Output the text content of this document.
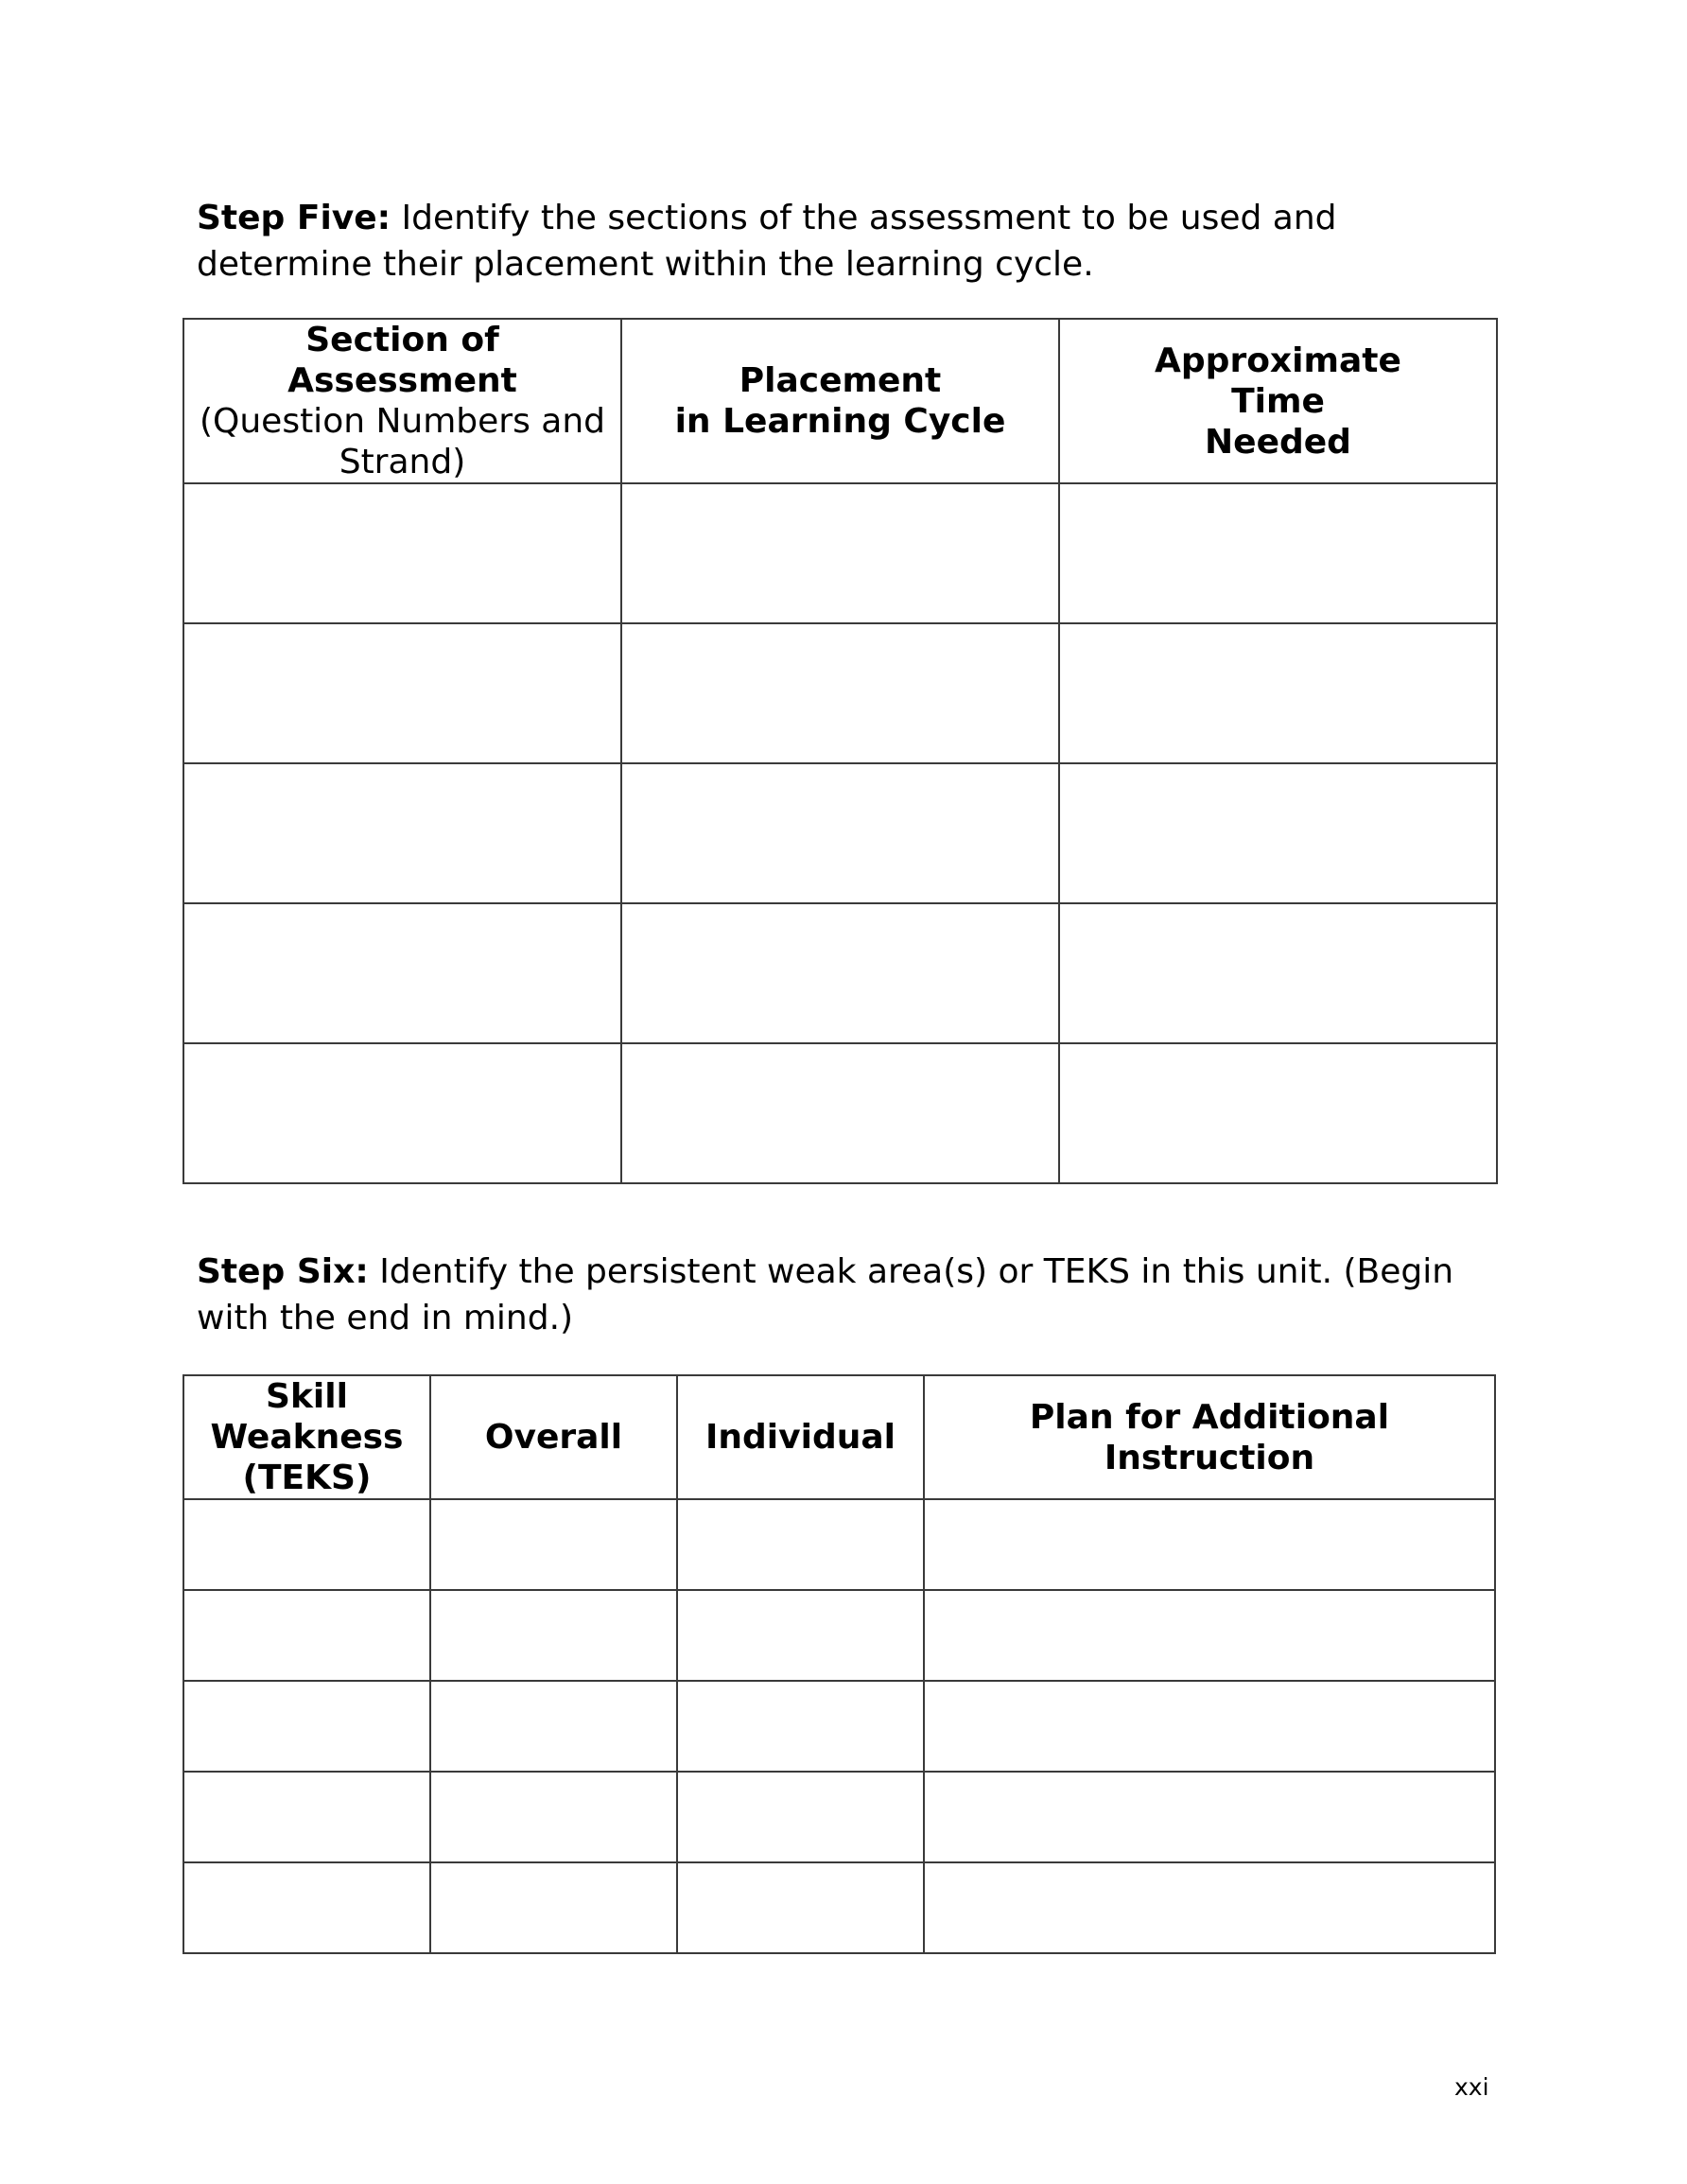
Step Five: Identify the sections of the assessment to be used and determine their placement within the learning cycle.

Section of
Assessment
(Question Numbers and Strand)	Placement
in Learning Cycle	Approximate
Time
Needed

Step Six: Identify the persistent weak area(s) or TEKS in this unit. (Begin with the end in mind.)

Skill
Weakness
(TEKS)	Overall	Individual	Plan for Additional
Instruction

xxi
